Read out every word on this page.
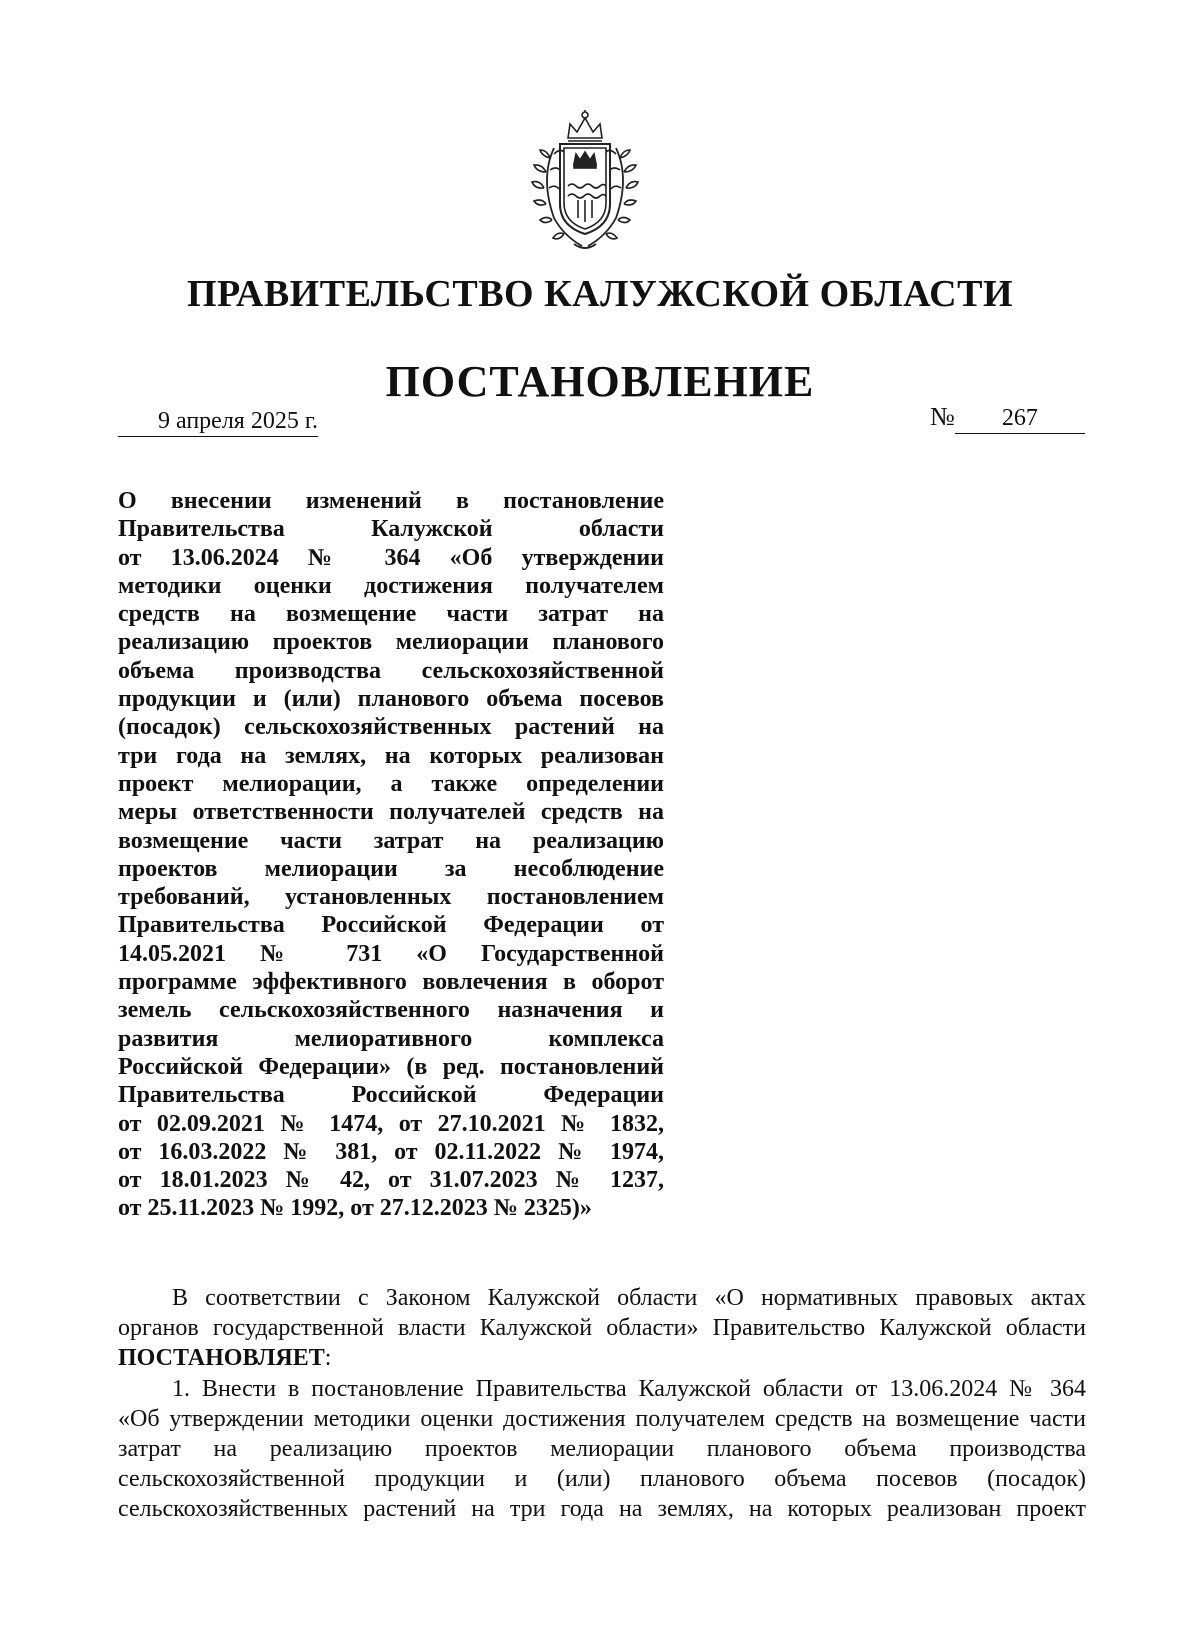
ПРАВИТЕЛЬСТВО КАЛУЖСКОЙ ОБЛАСТИ
ПОСТАНОВЛЕНИЕ
9 апреля 2025 г.	№ 267
О внесении изменений в постановление
Правительства Калужской области
от 13.06.2024 № 364 «Об утверждении
методики оценки достижения получателем
средств на возмещение части затрат на
реализацию проектов мелиорации планового
объема производства сельскохозяйственной
продукции и (или) планового объема посевов
(посадок) сельскохозяйственных растений на
три года на землях, на которых реализован
проект мелиорации, а также определении
меры ответственности получателей средств на
возмещение части затрат на реализацию
проектов мелиорации за несоблюдение
требований, установленных постановлением
Правительства Российской Федерации от
14.05.2021 № 731 «О Государственной
программе эффективного вовлечения в оборот
земель сельскохозяйственного назначения и
развития мелиоративного комплекса
Российской Федерации» (в ред. постановлений
Правительства Российской Федерации
от 02.09.2021 № 1474, от 27.10.2021 № 1832,
от 16.03.2022 № 381, от 02.11.2022 № 1974,
от 18.01.2023 № 42, от 31.07.2023 № 1237,
от 25.11.2023 № 1992, от 27.12.2023 № 2325)»
В соответствии с Законом Калужской области «О нормативных правовых актах
органов государственной власти Калужской области» Правительство Калужской области
ПОСТАНОВЛЯЕТ:
1. Внести в постановление Правительства Калужской области от 13.06.2024 № 364
«Об утверждении методики оценки достижения получателем средств на возмещение части
затрат на реализацию проектов мелиорации планового объема производства
сельскохозяйственной продукции и (или) планового объема посевов (посадок)
сельскохозяйственных растений на три года на землях, на которых реализован проект
